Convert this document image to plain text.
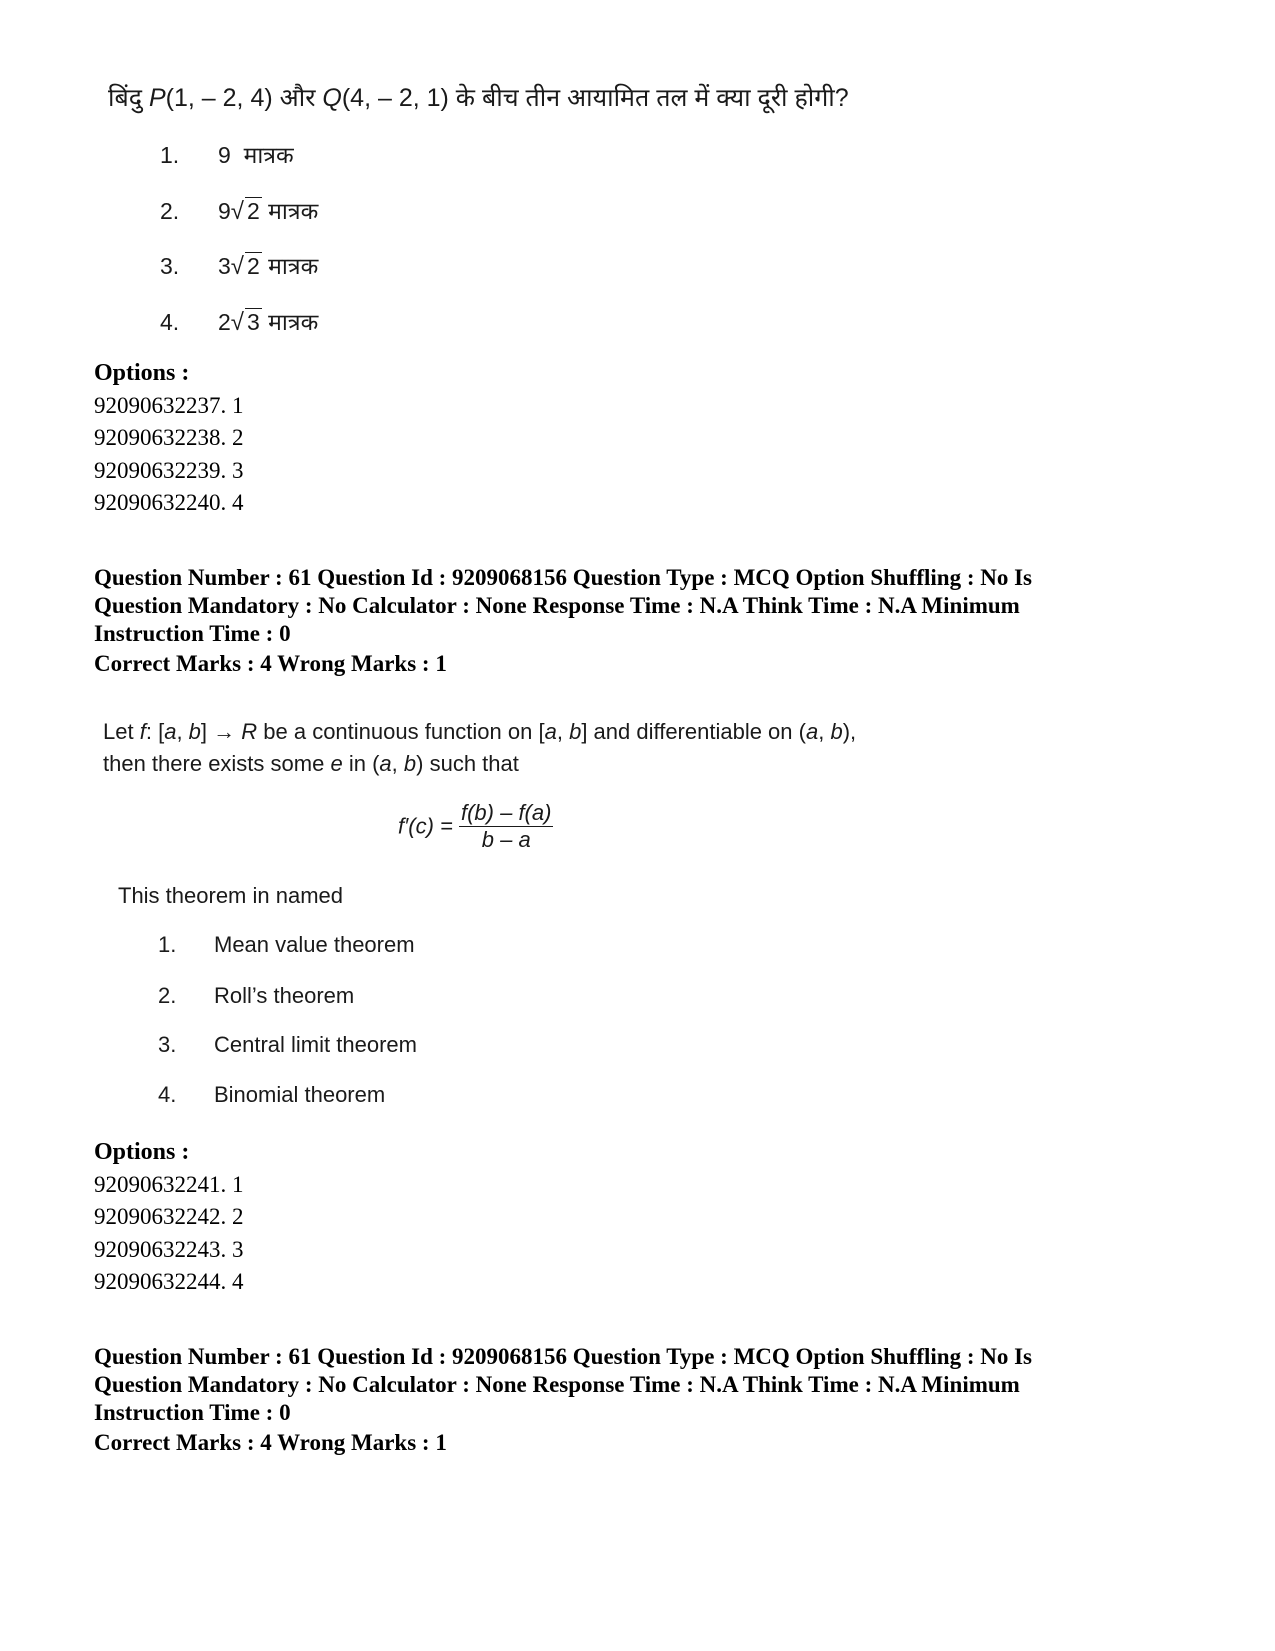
बिंदु P(1, – 2, 4) और Q(4, – 2, 1) के बीच तीन आयामित तल में क्या दूरी होगी?
1. 9 मात्रक
2. 9√ 2 मात्रक
3. 3√ 2 मात्रक
4. 2√ 3 मात्रक
Options :
92090632237. 1
92090632238. 2
92090632239. 3
92090632240. 4
Question Number : 61 Question Id : 9209068156 Question Type : MCQ Option Shuffling : No Is
Question Mandatory : No Calculator : None Response Time : N.A Think Time : N.A Minimum
Instruction Time : 0
Correct Marks : 4 Wrong Marks : 1
Let f: [a, b] → R be a continuous function on [a, b] and differentiable on (a, b),
then there exists some e in (a, b) such that
$f'(c) = \frac{f(b) - f(a)}{b - a}$
This theorem in named
1. Mean value theorem
2. Roll’s theorem
3. Central limit theorem
4. Binomial theorem
Options :
92090632241. 1
92090632242. 2
92090632243. 3
92090632244. 4
Question Number : 61 Question Id : 9209068156 Question Type : MCQ Option Shuffling : No Is
Question Mandatory : No Calculator : None Response Time : N.A Think Time : N.A Minimum
Instruction Time : 0
Correct Marks : 4 Wrong Marks : 1
